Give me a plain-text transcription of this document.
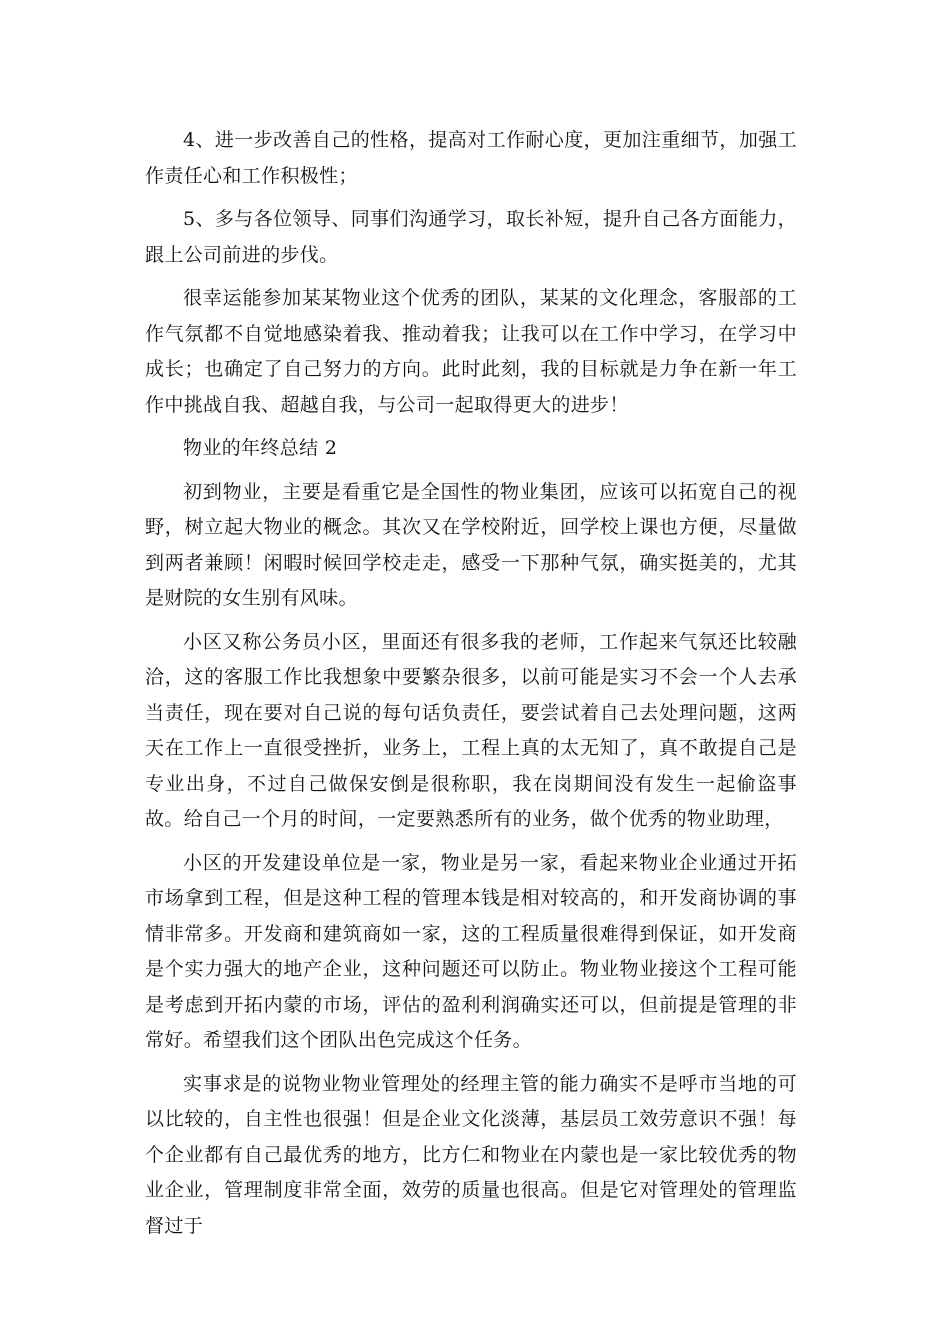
4、进一步改善自己的性格，提高对工作耐心度，更加注重细节，加强工作责任心和工作积极性；

5、多与各位领导、同事们沟通学习，取长补短，提升自己各方面能力，跟上公司前进的步伐。

很幸运能参加某某物业这个优秀的团队，某某的文化理念，客服部的工作气氛都不自觉地感染着我、推动着我；让我可以在工作中学习，在学习中成长；也确定了自己努力的方向。此时此刻，我的目标就是力争在新一年工作中挑战自我、超越自我，与公司一起取得更大的进步！

物业的年终总结 2

初到物业，主要是看重它是全国性的物业集团，应该可以拓宽自己的视野，树立起大物业的概念。其次又在学校附近，回学校上课也方便，尽量做到两者兼顾！闲暇时候回学校走走，感受一下那种气氛，确实挺美的，尤其是财院的女生别有风味。

小区又称公务员小区，里面还有很多我的老师，工作起来气氛还比较融洽，这的客服工作比我想象中要繁杂很多，以前可能是实习不会一个人去承当责任，现在要对自己说的每句话负责任，要尝试着自己去处理问题，这两天在工作上一直很受挫折，业务上，工程上真的太无知了，真不敢提自己是专业出身，不过自己做保安倒是很称职，我在岗期间没有发生一起偷盗事故。给自己一个月的时间，一定要熟悉所有的业务，做个优秀的物业助理，

小区的开发建设单位是一家，物业是另一家，看起来物业企业通过开拓市场拿到工程，但是这种工程的管理本钱是相对较高的，和开发商协调的事情非常多。开发商和建筑商如一家，这的工程质量很难得到保证，如开发商是个实力强大的地产企业，这种问题还可以防止。物业物业接这个工程可能是考虑到开拓内蒙的市场，评估的盈利利润确实还可以，但前提是管理的非常好。希望我们这个团队出色完成这个任务。

实事求是的说物业物业管理处的经理主管的能力确实不是呼市当地的可以比较的，自主性也很强！但是企业文化淡薄，基层员工效劳意识不强！每个企业都有自己最优秀的地方，比方仁和物业在内蒙也是一家比较优秀的物业企业，管理制度非常全面，效劳的质量也很高。但是它对管理处的管理监督过于
